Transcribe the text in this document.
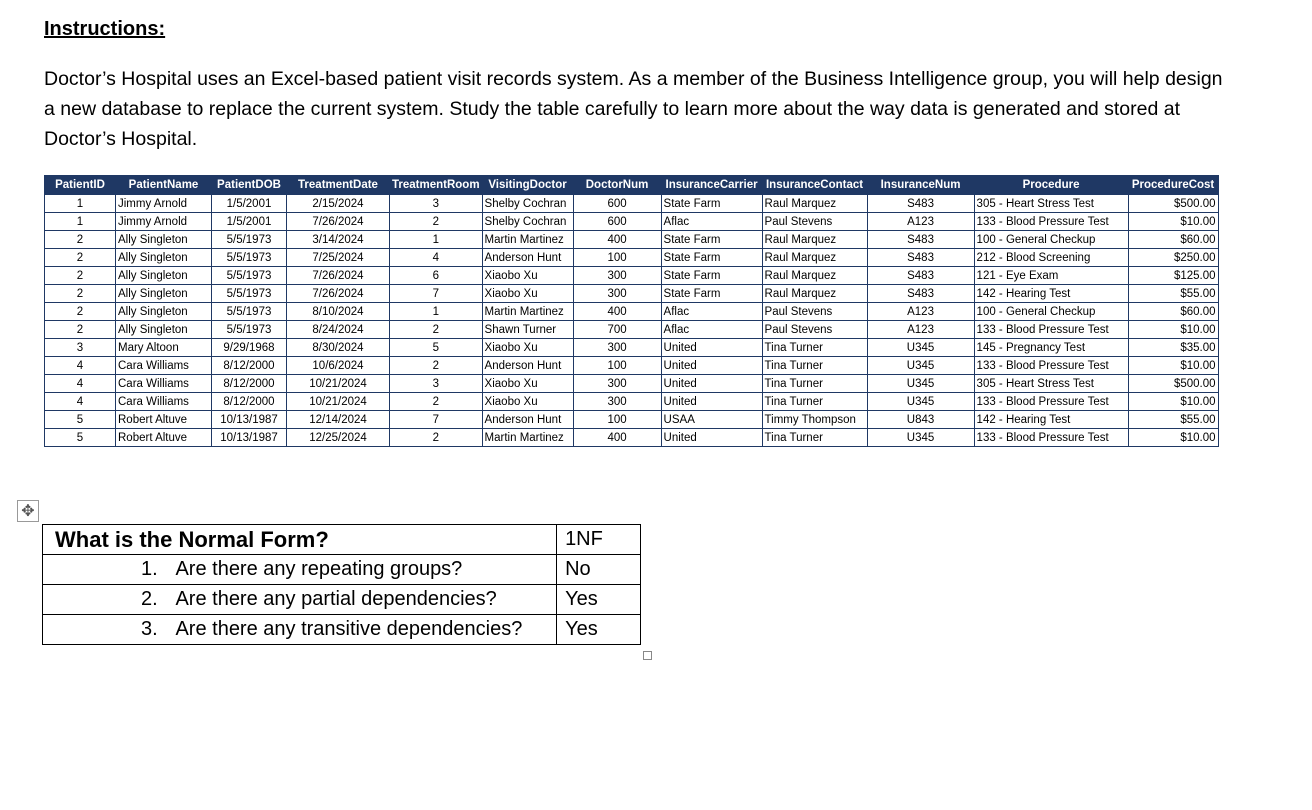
Instructions:
Doctor’s Hospital uses an Excel-based patient visit records system. As a member of the Business Intelligence group, you will help design a new database to replace the current system. Study the table carefully to learn more about the way data is generated and stored at Doctor’s Hospital.
PatientID	PatientName	PatientDOB	TreatmentDate	TreatmentRoom	VisitingDoctor	DoctorNum	InsuranceCarrier	InsuranceContact	InsuranceNum	Procedure	ProcedureCost
1	Jimmy Arnold	1/5/2001	2/15/2024	3	Shelby Cochran	600	State Farm	Raul Marquez	S483	305 - Heart Stress Test	$500.00
1	Jimmy Arnold	1/5/2001	7/26/2024	2	Shelby Cochran	600	Aflac	Paul Stevens	A123	133 - Blood Pressure Test	$10.00
2	Ally Singleton	5/5/1973	3/14/2024	1	Martin Martinez	400	State Farm	Raul Marquez	S483	100 - General Checkup	$60.00
2	Ally Singleton	5/5/1973	7/25/2024	4	Anderson Hunt	100	State Farm	Raul Marquez	S483	212 - Blood Screening	$250.00
2	Ally Singleton	5/5/1973	7/26/2024	6	Xiaobo Xu	300	State Farm	Raul Marquez	S483	121 - Eye Exam	$125.00
2	Ally Singleton	5/5/1973	7/26/2024	7	Xiaobo Xu	300	State Farm	Raul Marquez	S483	142 - Hearing Test	$55.00
2	Ally Singleton	5/5/1973	8/10/2024	1	Martin Martinez	400	Aflac	Paul Stevens	A123	100 - General Checkup	$60.00
2	Ally Singleton	5/5/1973	8/24/2024	2	Shawn Turner	700	Aflac	Paul Stevens	A123	133 - Blood Pressure Test	$10.00
3	Mary Altoon	9/29/1968	8/30/2024	5	Xiaobo Xu	300	United	Tina Turner	U345	145 - Pregnancy Test	$35.00
4	Cara Williams	8/12/2000	10/6/2024	2	Anderson Hunt	100	United	Tina Turner	U345	133 - Blood Pressure Test	$10.00
4	Cara Williams	8/12/2000	10/21/2024	3	Xiaobo Xu	300	United	Tina Turner	U345	305 - Heart Stress Test	$500.00
4	Cara Williams	8/12/2000	10/21/2024	2	Xiaobo Xu	300	United	Tina Turner	U345	133 - Blood Pressure Test	$10.00
5	Robert Altuve	10/13/1987	12/14/2024	7	Anderson Hunt	100	USAA	Timmy Thompson	U843	142 - Hearing Test	$55.00
5	Robert Altuve	10/13/1987	12/25/2024	2	Martin Martinez	400	United	Tina Turner	U345	133 - Blood Pressure Test	$10.00
✥
What is the Normal Form?	1NF
1. Are there any repeating groups?	No
2. Are there any partial dependencies?	Yes
3. Are there any transitive dependencies?	Yes
